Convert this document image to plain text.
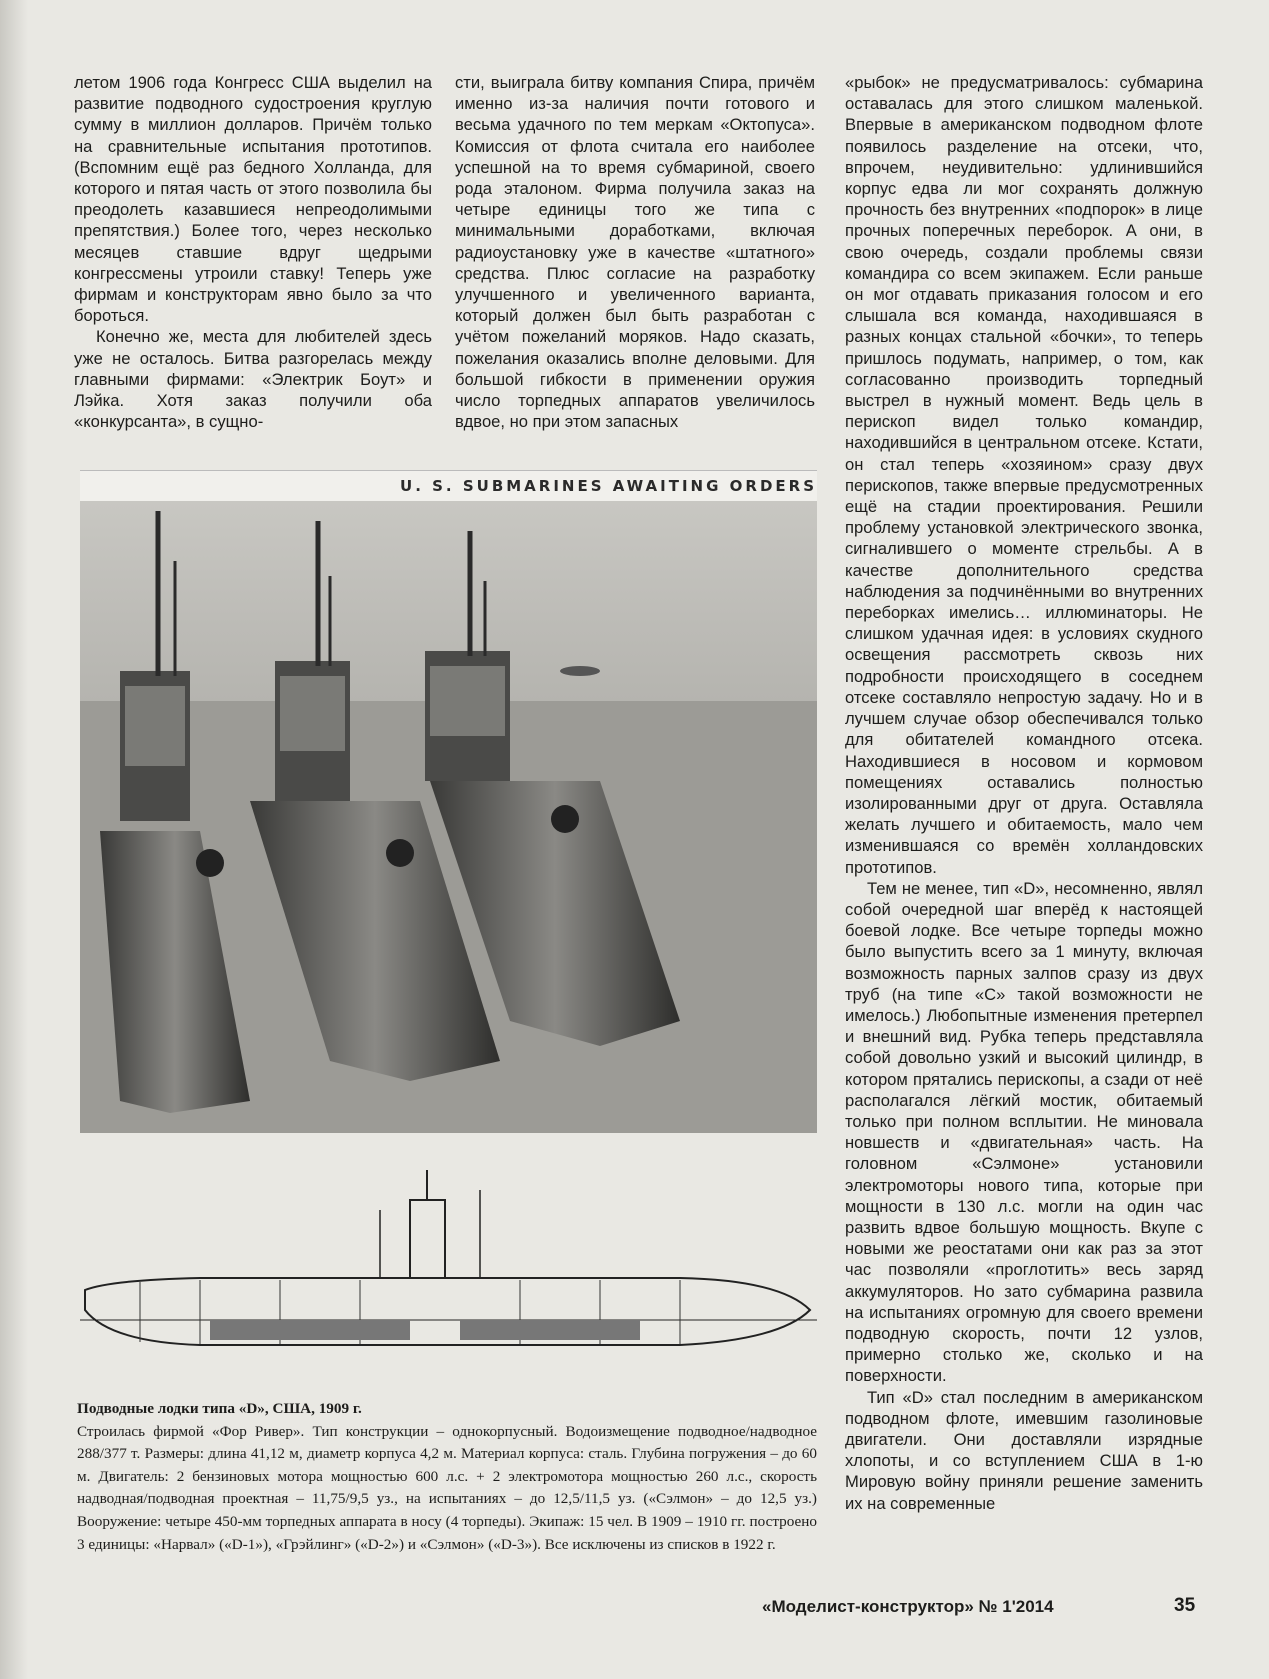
летом 1906 года Конгресс США выделил на развитие подводного судостроения круглую сумму в миллион долларов. Причём только на сравнительные испытания прототипов. (Вспомним ещё раз бедного Холланда, для которого и пятая часть от этого позволила бы преодолеть казавшиеся непреодолимыми препятствия.) Более того, через несколько месяцев ставшие вдруг щедрыми конгрессмены утроили ставку! Теперь уже фирмам и конструкторам явно было за что бороться.

Конечно же, места для любителей здесь уже не осталось. Битва разгорелась между главными фирмами: «Электрик Боут» и Лэйка. Хотя заказ получили оба «конкурсанта», в сущно-

сти, выиграла битву компания Спира, причём именно из-за наличия почти готового и весьма удачного по тем меркам «Октопуса». Комиссия от флота считала его наиболее успешной на то время субмариной, своего рода эталоном. Фирма получила заказ на четыре единицы того же типа с минимальными доработками, включая радиоустановку уже в качестве «штатного» средства. Плюс согласие на разработку улучшенного и увеличенного варианта, который должен был быть разработан с учётом пожеланий моряков. Надо сказать, пожелания оказались вполне деловыми. Для большой гибкости в применении оружия число торпедных аппаратов увеличилось вдвое, но при этом запасных

«рыбок» не предусматривалось: субмарина оставалась для этого слишком маленькой. Впервые в американском подводном флоте появилось разделение на отсеки, что, впрочем, неудивительно: удлинившийся корпус едва ли мог сохранять должную прочность без внутренних «подпорок» в лице прочных поперечных переборок. А они, в свою очередь, создали проблемы связи командира со всем экипажем. Если раньше он мог отдавать приказания голосом и его слышала вся команда, находившаяся в разных концах стальной «бочки», то теперь пришлось подумать, например, о том, как согласованно производить торпедный выстрел в нужный момент. Ведь цель в перископ видел только командир, находившийся в центральном отсеке. Кстати, он стал теперь «хозяином» сразу двух перископов, также впервые предусмотренных ещё на стадии проектирования. Решили проблему установкой электрического звонка, сигналившего о моменте стрельбы. А в качестве дополнительного средства наблюдения за подчинёнными во внутренних переборках имелись… иллюминаторы. Не слишком удачная идея: в условиях скудного освещения рассмотреть сквозь них подробности происходящего в соседнем отсеке составляло непростую задачу. Но и в лучшем случае обзор обеспечивался только для обитателей командного отсека. Находившиеся в носовом и кормовом помещениях оставались полностью изолированными друг от друга. Оставляла желать лучшего и обитаемость, мало чем изменившаяся со времён холландовских прототипов.

Тем не менее, тип «D», несомненно, являл собой очередной шаг вперёд к настоящей боевой лодке. Все четыре торпеды можно было выпустить всего за 1 минуту, включая возможность парных залпов сразу из двух труб (на типе «С» такой возможности не имелось.) Любопытные изменения претерпел и внешний вид. Рубка теперь представляла собой довольно узкий и высокий цилиндр, в котором прятались перископы, а сзади от неё располагался лёгкий мостик, обитаемый только при полном всплытии. Не миновала новшеств и «двигательная» часть. На головном «Сэлмоне» установили электромоторы нового типа, которые при мощности в 130 л.с. могли на один час развить вдвое большую мощность. Вкупе с новыми же реостатами они как раз за этот час позволяли «проглотить» весь заряд аккумуляторов. Но зато субмарина развила на испытаниях огромную для своего времени подводную скорость, почти 12 узлов, примерно столько же, сколько и на поверхности.

Тип «D» стал последним в американском подводном флоте, имевшим газолиновые двигатели. Они доставляли изрядные хлопоты, и со вступлением США в 1-ю Мировую войну приняли решение заменить их на современные

U. S. SUBMARINES AWAITING ORDERS
Подводные лодки типа «D», США, 1909 г.
Строилась фирмой «Фор Ривер». Тип конструкции – однокорпусный. Водоизмещение подводное/надводное 288/377 т. Размеры: длина 41,12 м, диаметр корпуса 4,2 м. Материал корпуса: сталь. Глубина погружения – до 60 м. Двигатель: 2 бензиновых мотора мощностью 600 л.с. + 2 электромотора мощностью 260 л.с., скорость надводная/подводная проектная – 11,75/9,5 уз., на испытаниях – до 12,5/11,5 уз. («Сэлмон» – до 12,5 уз.) Вооружение: четыре 450-мм торпедных аппарата в носу (4 торпеды). Экипаж: 15 чел. В 1909 – 1910 гг. построено 3 единицы: «Нарвал» («D-1»), «Грэйлинг» («D-2») и «Сэлмон» («D-3»). Все исключены из списков в 1922 г.
«Моделист-конструктор» № 1'2014	35
